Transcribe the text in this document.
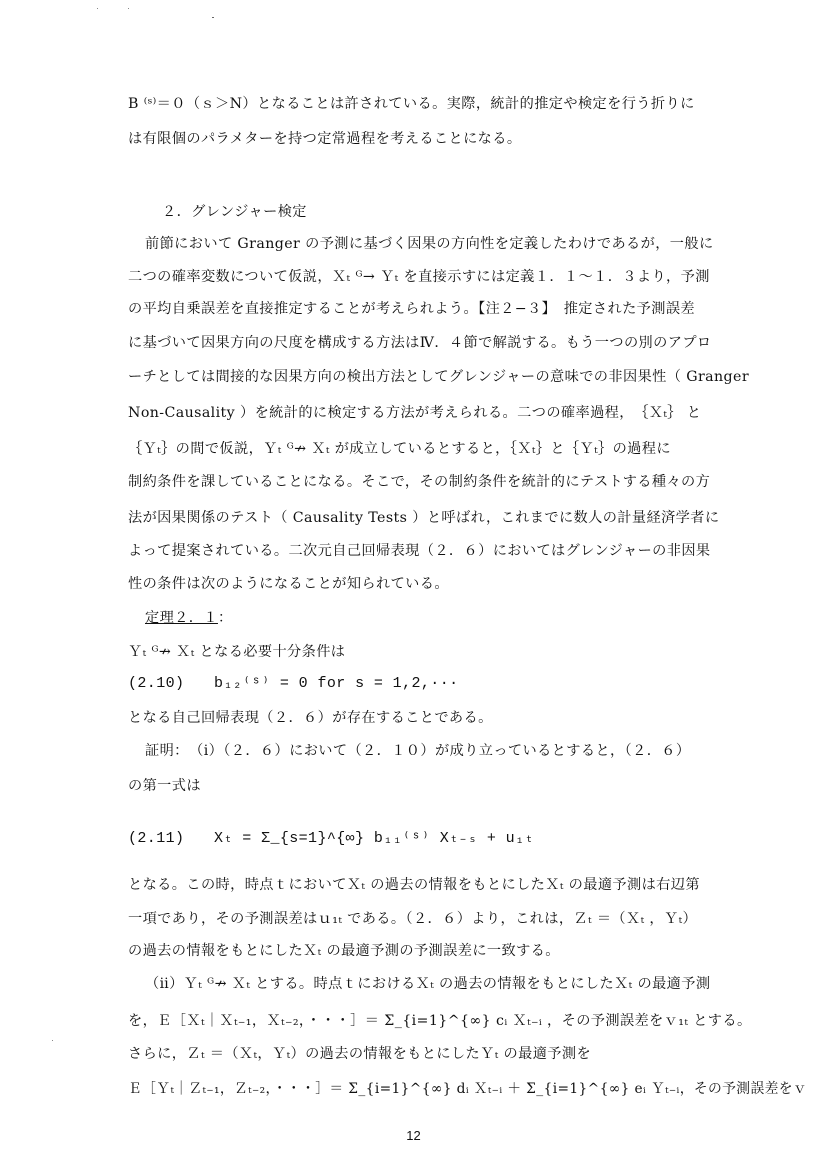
B ⁽ˢ⁾＝０（ｓ＞N）となることは許されている。実際，統計的推定や検定を行う折りに
は有限個のパラメターを持つ定常過程を考えることになる。
２．グレンジャー検定
前節において Granger の予測に基づく因果の方向性を定義したわけであるが，一般に
二つの確率変数について仮説，Ｘₜ ᴳ→ Ｙₜ を直接示すには定義１．１〜１．３より，予測
の平均自乗誤差を直接推定することが考えられよう。【注２−３】　推定された予測誤差
に基づいて因果方向の尺度を構成する方法はⅣ．４節で解説する。もう一つの別のアプロ
ーチとしては間接的な因果方向の検出方法としてグレンジャーの意味での非因果性（ Granger
Non-Causality ）を統計的に検定する方法が考えられる。二つの確率過程，　｛Ｘₜ｝ と
｛Ｙₜ｝の間で仮説，Ｙₜ ᴳ↛ Ｘₜ が成立しているとすると，｛Ｘₜ｝と｛Ｙₜ｝の過程に
制約条件を課していることになる。そこで，その制約条件を統計的にテストする種々の方
法が因果関係のテスト（ Causality Tests ）と呼ばれ，これまでに数人の計量経済学者に
よって提案されている。二次元自己回帰表現（２．６）においてはグレンジャーの非因果
性の条件は次のようになることが知られている。
定理２．１：
Ｙₜ ᴳ↛ Ｘₜ となる必要十分条件は
(2.10) b₁₂⁽ˢ⁾ = 0 for s = 1,2,···
となる自己回帰表現（２．６）が存在することである。
証明：　（ⅰ）（２．６）において（２．１０）が成り立っているとすると，（２．６）
の第一式は
(2.11) Xₜ = Σ_{s=1}^{∞} b₁₁⁽ˢ⁾ Xₜ₋ₛ + u₁ₜ
となる。この時，時点ｔにおいてＸₜ の過去の情報をもとにしたＸₜ の最適予測は右辺第
一項であり，その予測誤差はｕ₁ₜ である。（２．６）より，これは，Ｚₜ ＝（Ｘₜ ，Ｙₜ）
の過去の情報をもとにしたＸₜ の最適予測の予測誤差に一致する。
（ⅱ）Ｙₜ ᴳ↛ Ｘₜ とする。時点ｔにおけるＸₜ の過去の情報をもとにしたＸₜ の最適予測
を，Ｅ［Ｘₜ｜Ｘₜ₋₁，Ｘₜ₋₂，・・・］＝ Σ_{i=1}^{∞} cᵢ Ｘₜ₋ᵢ ，その予測誤差をｖ₁ₜ とする。
さらに，Ｚₜ ＝（Ｘₜ，Ｙₜ）の過去の情報をもとにしたＹₜ の最適予測を
Ｅ［Ｙₜ｜Ｚₜ₋₁，Ｚₜ₋₂，・・・］＝ Σ_{i=1}^{∞} dᵢ Ｘₜ₋ᵢ ＋ Σ_{i=1}^{∞} eᵢ Ｙₜ₋ᵢ，その予測誤差をｖ
12
